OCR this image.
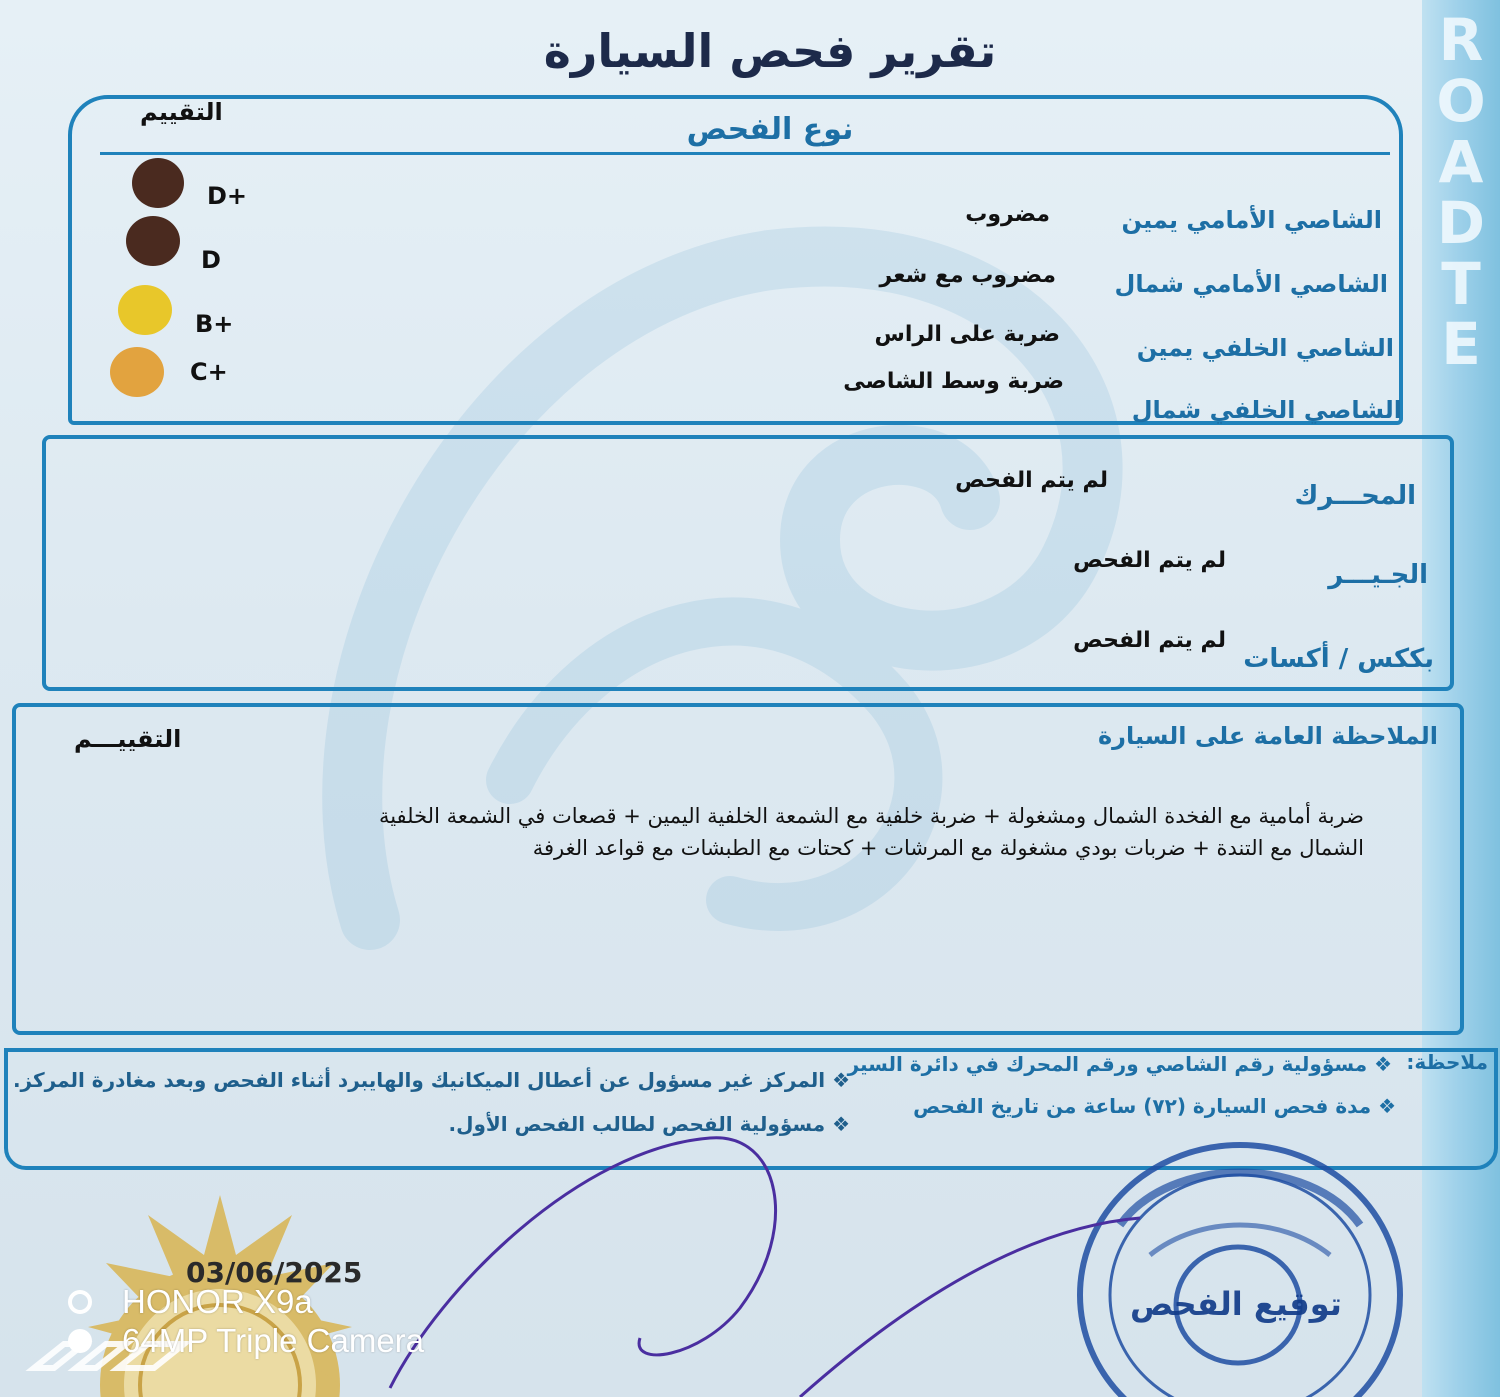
ROAD TE
تقرير فحص السيارة
نوع الفحص
التقييم
D+
D
B+
C+
الشاصي الأمامي يمين
مضروب
الشاصي الأمامي شمال
مضروب مع شعر
الشاصي الخلفي يمين
ضربة على الراس
الشاصي الخلفي شمال
ضربة وسط الشاصى
المحـــرك
لم يتم الفحص
الجـيـــر
لم يتم الفحص
بككس / أكسات
لم يتم الفحص
الملاحظة العامة على السيارة
التقييـــم
ضربة أمامية مع الفخدة الشمال ومشغولة + ضربة خلفية مع الشمعة الخلفية اليمين + قصعات في الشمعة الخلفية
الشمال مع التندة + ضربات بودي مشغولة مع المرشات + كحتات مع الطبشات مع قواعد الغرفة
ملاحظة:
❖ مسؤولية رقم الشاصي ورقم المحرك في دائرة السير
❖ مدة فحص السيارة (٧٢) ساعة من تاريخ الفحص
❖ المركز غير مسؤول عن أعطال الميكانيك والهايبرد أثناء الفحص وبعد مغادرة المركز.
❖ مسؤولية الفحص لطالب الفحص الأول.
03/06/2025
توقيع الفحص
HONOR X9a
64MP Triple Camera
